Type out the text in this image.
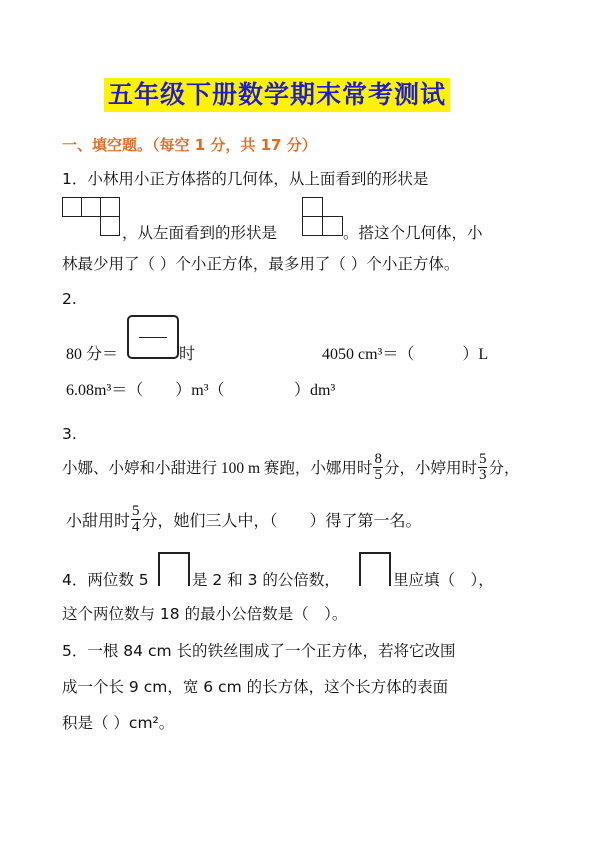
五年级下册数学期末常考测试
一、填空题。（每空 1 分，共 17 分）
1．小林用小正方体搭的几何体，从上面看到的形状是
，从左面看到的形状是	。搭这个几何体，小
林最少用了（ ）个小正方体，最多用了（ ）个小正方体。
2.
80 分＝	时	4050 cm³＝（　　　）L
6.08m³＝（　　）m³（	）dm³
3.
小娜、小婷和小甜进行 100 m 赛跑，小娜用时 $\frac{8}{5}$ 分，小婷用时 $\frac{5}{3}$ 分，
小甜用时 $\frac{5}{4}$ 分，她们三人中，（　　）得了第一名。
4．两位数 5	是 2 和 3 的公倍数，	里应填（　），
这个两位数与 18 的最小公倍数是（　）。
5．一根 84 cm 长的铁丝围成了一个正方体，若将它改围
成一个长 9 cm，宽 6 cm 的长方体，这个长方体的表面
积是（ ）cm²。
